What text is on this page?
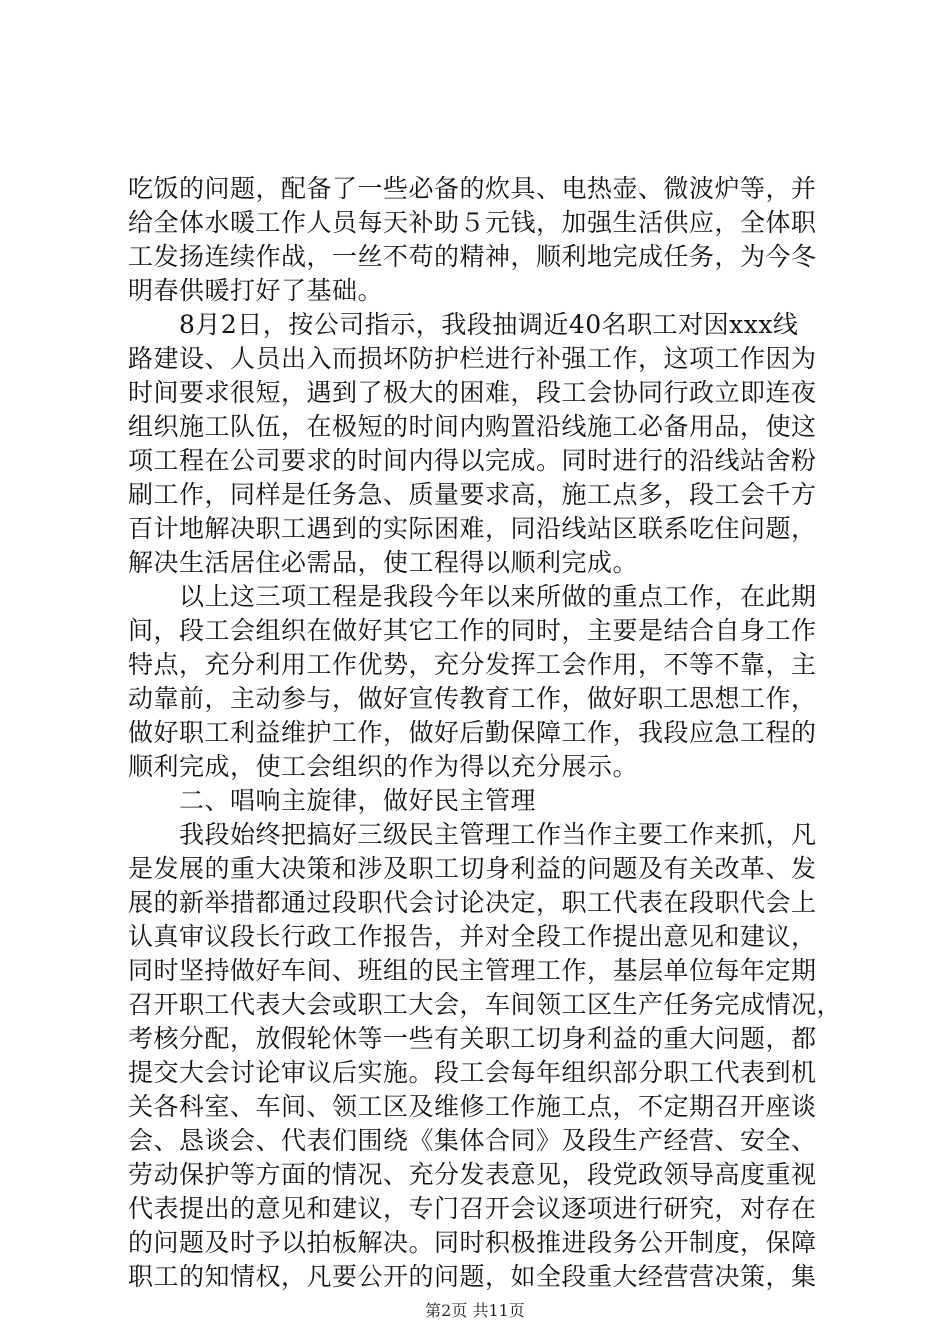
吃饭的问题，配备了一些必备的炊具、电热壶、微波炉等，并
给全体水暖工作人员每天补助５元钱，加强生活供应，全体职
工发扬连续作战，一丝不苟的精神，顺利地完成任务，为今冬
明春供暖打好了基础。
　　8月2日，按公司指示，我段抽调近40名职工对因xxx线
路建设、人员出入而损坏防护栏进行补强工作，这项工作因为
时间要求很短，遇到了极大的困难，段工会协同行政立即连夜
组织施工队伍，在极短的时间内购置沿线施工必备用品，使这
项工程在公司要求的时间内得以完成。同时进行的沿线站舍粉
刷工作，同样是任务急、质量要求高，施工点多，段工会千方
百计地解决职工遇到的实际困难，同沿线站区联系吃住问题，
解决生活居住必需品，使工程得以顺利完成。
　　以上这三项工程是我段今年以来所做的重点工作，在此期
间，段工会组织在做好其它工作的同时，主要是结合自身工作
特点，充分利用工作优势，充分发挥工会作用，不等不靠，主
动靠前，主动参与，做好宣传教育工作，做好职工思想工作，
做好职工利益维护工作，做好后勤保障工作，我段应急工程的
顺利完成，使工会组织的作为得以充分展示。
　　二、唱响主旋律，做好民主管理
　　我段始终把搞好三级民主管理工作当作主要工作来抓，凡
是发展的重大决策和涉及职工切身利益的问题及有关改革、发
展的新举措都通过段职代会讨论决定，职工代表在段职代会上
认真审议段长行政工作报告，并对全段工作提出意见和建议，
同时坚持做好车间、班组的民主管理工作，基层单位每年定期
召开职工代表大会或职工大会，车间领工区生产任务完成情况，
考核分配，放假轮休等一些有关职工切身利益的重大问题，都
提交大会讨论审议后实施。段工会每年组织部分职工代表到机
关各科室、车间、领工区及维修工作施工点，不定期召开座谈
会、恳谈会、代表们围绕《集体合同》及段生产经营、安全、
劳动保护等方面的情况、充分发表意见，段党政领导高度重视
代表提出的意见和建议，专门召开会议逐项进行研究，对存在
的问题及时予以拍板解决。同时积极推进段务公开制度，保障
职工的知情权，凡要公开的问题，如全段重大经营营决策，集
第2页 共11页
